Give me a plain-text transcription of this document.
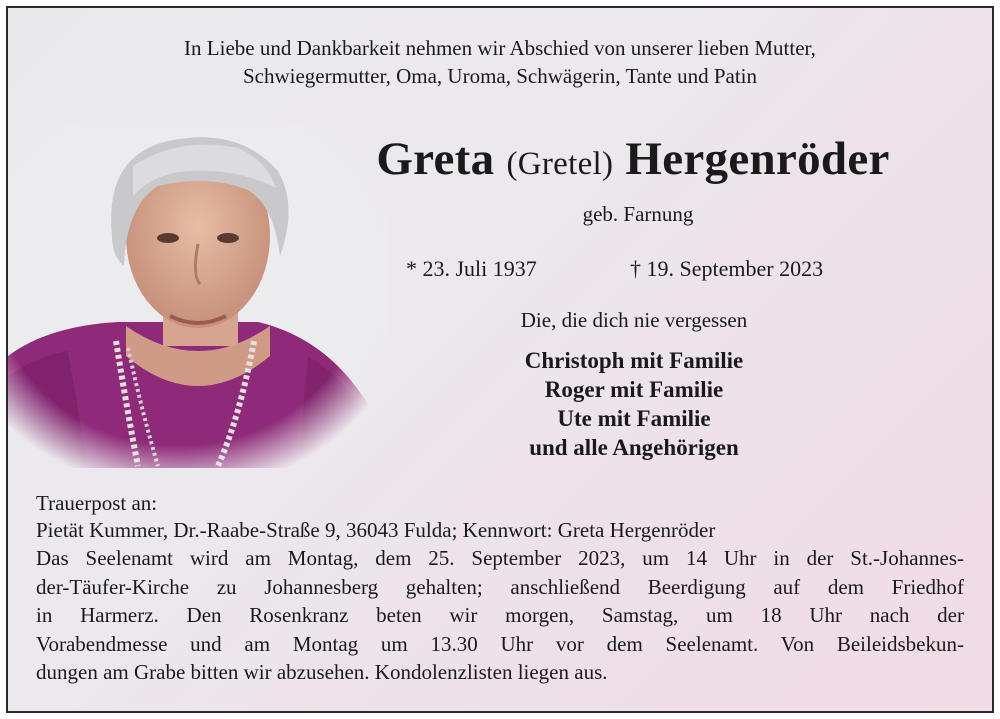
In Liebe und Dankbarkeit nehmen wir Abschied von unserer lieben Mutter,
Schwiegermutter, Oma, Uroma, Schwägerin, Tante und Patin
Greta (Gretel) Hergenröder
geb. Farnung
* 23. Juli 1937	† 19. September 2023
Die, die dich nie vergessen
Christoph mit Familie
Roger mit Familie
Ute mit Familie
und alle Angehörigen
Trauerpost an:
Pietät Kummer, Dr.-Raabe-Straße 9, 36043 Fulda; Kennwort: Greta Hergenröder
Das Seelenamt wird am Montag, dem 25. September 2023, um 14 Uhr in der St.-Johannes-
der-Täufer-Kirche zu Johannesberg gehalten; anschließend Beerdigung auf dem Friedhof
in Harmerz. Den Rosenkranz beten wir morgen, Samstag, um 18 Uhr nach der
Vorabendmesse und am Montag um 13.30 Uhr vor dem Seelenamt. Von Beileidsbekun-
dungen am Grabe bitten wir abzusehen. Kondolenzlisten liegen aus.
